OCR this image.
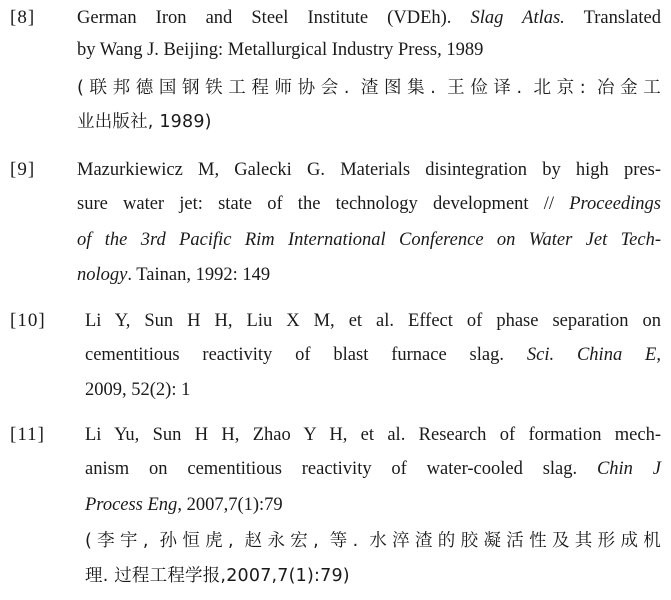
[8] German Iron and Steel Institute (VDEh). Slag Atlas. Translated
by Wang J. Beijing: Metallurgical Industry Press, 1989
(联邦德国钢铁工程师协会. 渣图集. 王俭译. 北京: 冶金工
业出版社, 1989)
[9] Mazurkiewicz M, Galecki G. Materials disintegration by high pres-
sure water jet: state of the technology development // Proceedings
of the 3rd Pacific Rim International Conference on Water Jet Tech-
nology. Tainan, 1992: 149
[10] Li Y, Sun H H, Liu X M, et al. Effect of phase separation on
cementitious reactivity of blast furnace slag. Sci. China E,
2009, 52(2): 1
[11] Li Yu, Sun H H, Zhao Y H, et al. Research of formation mech-
anism on cementitious reactivity of water-cooled slag. Chin J
Process Eng, 2007,7(1):79
(李宇, 孙恒虎, 赵永宏, 等. 水淬渣的胶凝活性及其形成机
理. 过程工程学报,2007,7(1):79)
